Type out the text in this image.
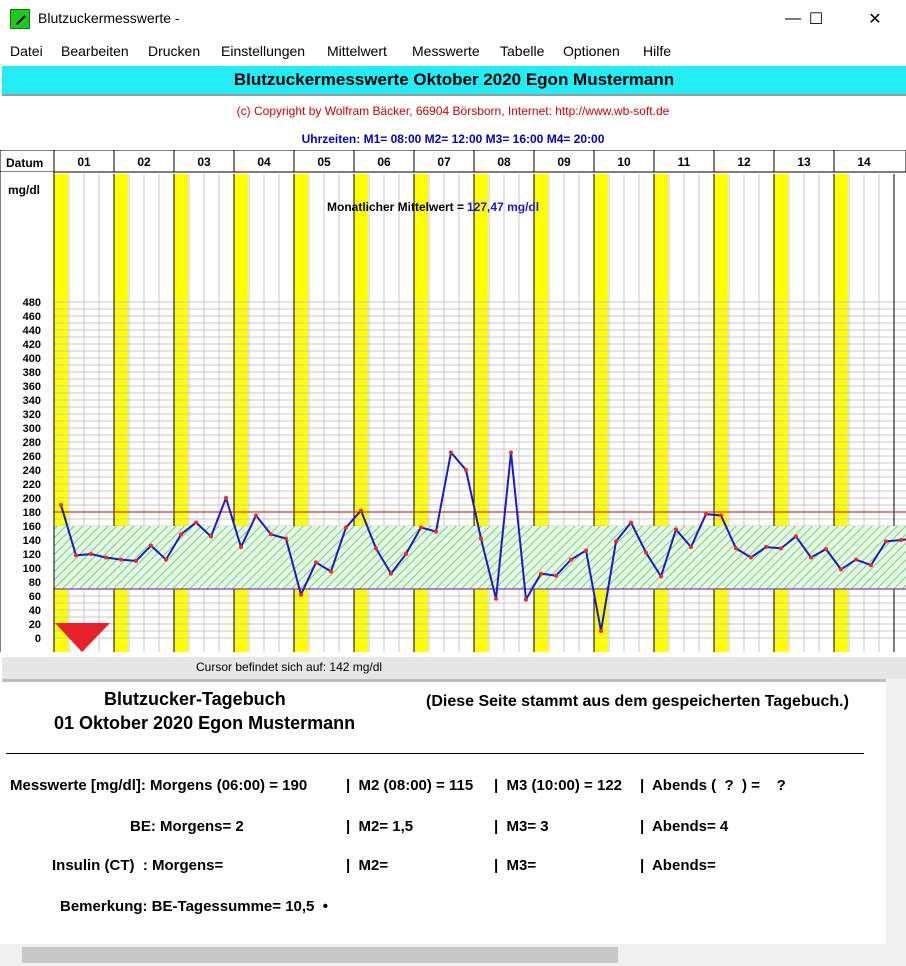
Blutzuckermesswerte -	— ☐	✕
Datei Bearbeiten Drucken Einstellungen Mittelwert Messwerte Tabelle Optionen Hilfe
Blutzuckermesswerte Oktober 2020 Egon Mustermann
(c) Copyright by Wolfram Bäcker, 66904 Börsborn, Internet: http://www.wb-soft.de
Uhrzeiten: M1= 08:00 M2= 12:00 M3= 16:00 M4= 20:00
01	02	03	04	05	06	07	08	09	10	11	12	13	14
0
20
40
60
80
100
120
140
160
180
200
220
240
260
280
300
320
340
360
380
400
420
440
460
480
Datum
mg/dl
Monatlicher Mittelwert = 127,47 mg/dl
Cursor befindet sich auf: 142 mg/dl
Blutzucker-Tagebuch
01 Oktober 2020 Egon Mustermann
(Diese Seite stammt aus dem gespeicherten Tagebuch.)
Messwerte [mg/dl]: Morgens (06:00) = 190	|  M2 (08:00) = 115 |  M3 (10:00) = 122 |  Abends (  ?  ) =    ?
BE: Morgens= 2	|  M2= 1,5	|  M3= 3	|  Abends= 4
Insulin (CT)  : Morgens=	|  M2=	|  M3=	|  Abends=
Bemerkung: BE-Tagessumme= 10,5  •
